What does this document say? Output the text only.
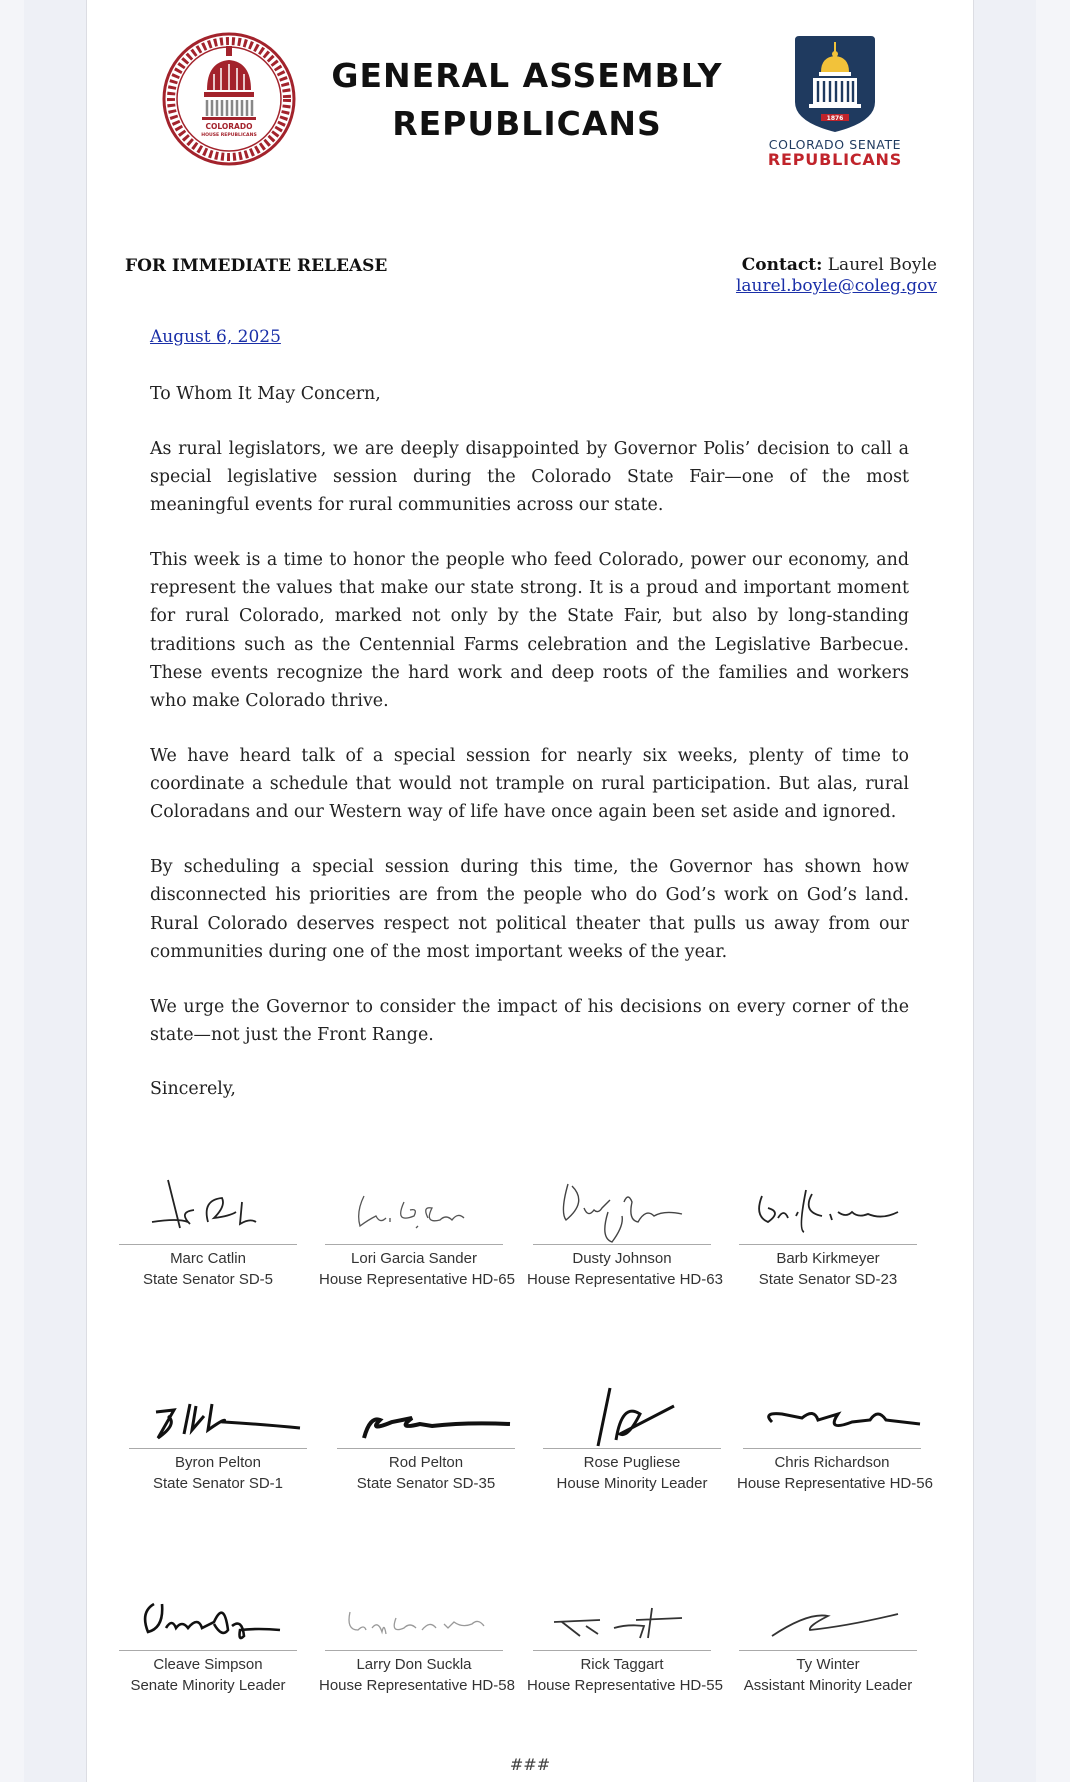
COLORADO
HOUSE REPUBLICANS
GENERAL ASSEMBLY
REPUBLICANS	1876
COLORADO SENATE
REPUBLICANS
FOR IMMEDIATE RELEASE	Contact: Laurel Boyle
laurel.boyle@coleg.gov
August 6, 2025

To Whom It May Concern,

As rural legislators, we are deeply disappointed by Governor Polis’ decision to call a special legislative session during the Colorado State Fair—one of the most meaningful events for rural communities across our state.

This week is a time to honor the people who feed Colorado, power our economy, and represent the values that make our state strong. It is a proud and important moment for rural Colorado, marked not only by the State Fair, but also by long-standing traditions such as the Centennial Farms celebration and the Legislative Barbecue. These events recognize the hard work and deep roots of the families and workers who make Colorado thrive.

We have heard talk of a special session for nearly six weeks, plenty of time to coordinate a schedule that would not trample on rural participation. But alas, rural Coloradans and our Western way of life have once again been set aside and ignored.

By scheduling a special session during this time, the Governor has shown how disconnected his priorities are from the people who do God’s work on God’s land. Rural Colorado deserves respect not political theater that pulls us away from our communities during one of the most important weeks of the year.

We urge the Governor to consider the impact of his decisions on every corner of the state—not just the Front Range.

Sincerely,

Marc Catlin
State Senator SD-5
Lori Garcia Sander
House Representative HD-65
Dusty Johnson
House Representative HD-63
Barb Kirkmeyer
State Senator SD-23
Byron Pelton
State Senator SD-1
Rod Pelton
State Senator SD-35
Rose Pugliese
House Minority Leader
Chris Richardson
House Representative HD-56
Cleave Simpson
Senate Minority Leader
Larry Don Suckla
House Representative HD-58
Rick Taggart
House Representative HD-55
Ty Winter
Assistant Minority Leader
###
